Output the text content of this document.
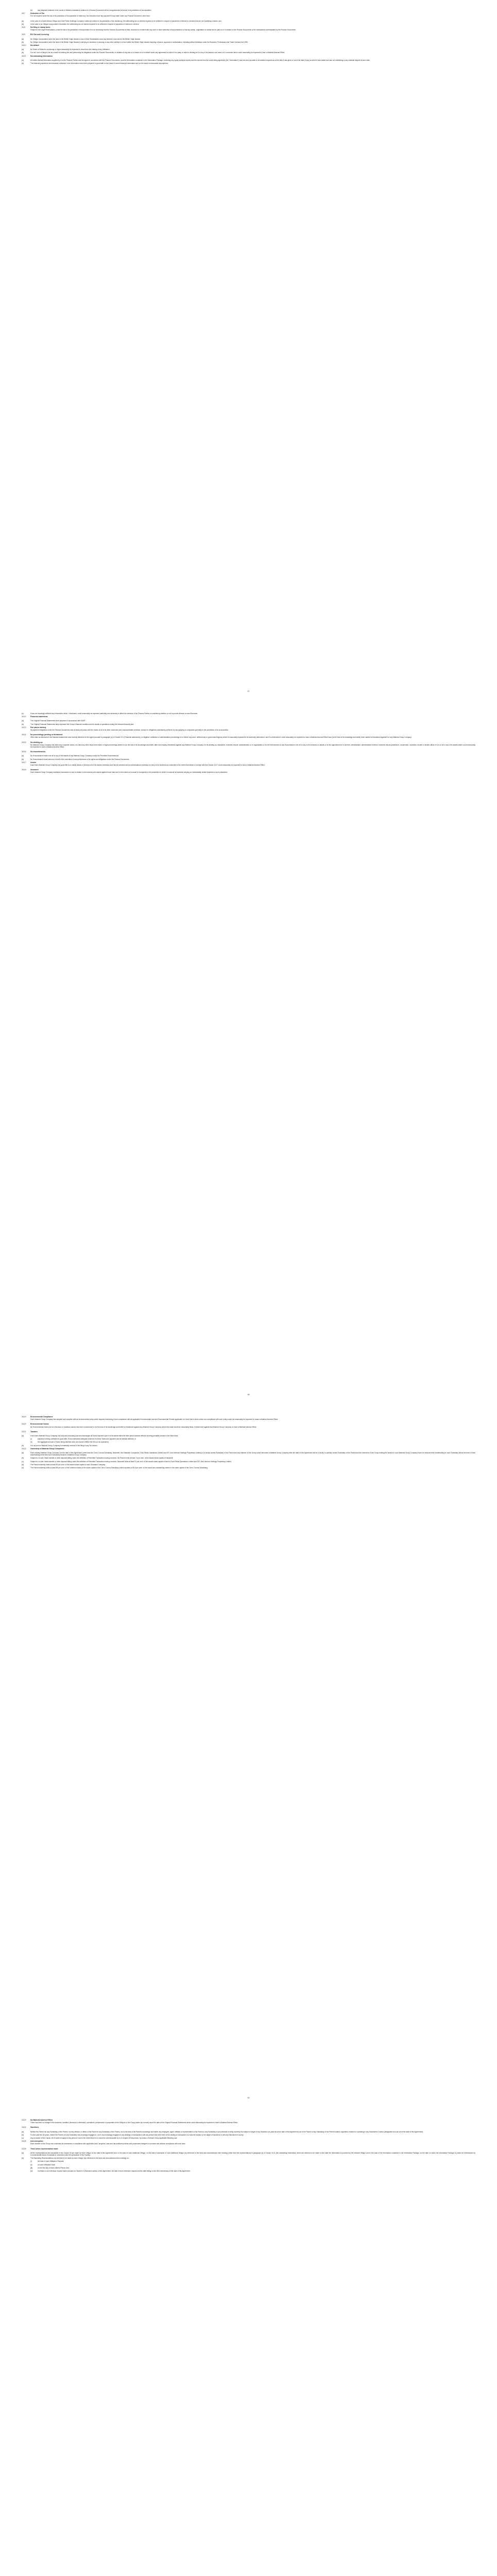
(b)	any judgment obtained in the courts of Western Australia in relation to a Finance Document will be recognised and enforced in its jurisdiction of incorporation.
18.7	Deduction of Tax
It is not required under the law of its jurisdiction of incorporation to make any Tax Deduction from any payment it may make under any Finance Document, other than:
(a)	in the case of a South African Obligor and Gold Fields Holdings Company Limited (in relation to its jurisdiction of tax residency), the withholding tax on interest required to be withheld in respect of payments of interest to Lenders that are not Qualifying Lenders; and
(b)	in the case of an Obligor incorporated in Australia, the withholding tax on interest required to be withheld in respect of payments of interest to Lenders.
18.8	No filing or stamp taxes
Subject to the Legal Reservations, under the law of its jurisdiction of incorporation it is not necessary that the Finance Documents be filed, recorded or enrolled with any court or other authority in that jurisdiction or that any stamp, registration or similar tax be paid on or in relation to the Finance Documents or the transactions contemplated by the Finance Documents.
18.9	BVI Tax and Licencing
(a)	No Obligor incorporated under the laws of the British Virgin Islands or any of their Subsidiaries owns any interest in any land in the British Virgin Islands.
(b)	No Obligor incorporated under the laws of the British Virgin Islands is carrying on business or carrying on any other activity in or from within the British Virgin Islands requiring a licence, approval or authorisation, including without limitation under the Business, Professions and Trade Licenses Act 1990.
18.10	No default
(a)	No Event of Default is continuing or might reasonably be expected to result from the making of any Utilisation.
(b)	It is not, nor is it likely to be as a result of entering into and performing its obligations under the Finance Documents, in violation of any law or in breach of or in default under any agreement to which it is a party or which is binding on it or any of its assets to an extent or in a manner which could reasonably be expected to have a Material Adverse Effect.
18.11	No misleading information
(a)	All written factual information supplied by it to the Finance Parties and the Agent in connection with the Finance Documents, (and the information contained in the Information Package, excluding any equity analysts reports and the reports from the credit rating agencies) (the "Information") was true and accurate in all material respects as at the date it was given or as at the date (if any) at which it was stated and was not misleading in any material respect at such date.
(b)	The financial projections and forecasts contained in the Information have been prepared in good faith on the basis of recent historical information and on the basis of reasonable assumptions.
57
(c)	It has not knowingly withheld any information which, if disclosed, could reasonably be expected materially and adversely to affect the decision of the Finance Parties in considering whether or not to provide finance to each Borrower.
18.12	Financial statements
(a)	The Original Financial Statements were prepared in accordance with GAAP.
(b)	The Original Financial Statements fairly represent the Group's financial condition and its results of operations during the relevant financial year.
18.13	Pari passu ranking
Its payment obligations under the Finance Documents rank at least pari passu with the claims of all of its other unsecured and unsubordinated creditors, except for obligations mandatorily preferred by law applying to companies generally in the jurisdiction of its incorporation.
18.14	No proceedings pending or threatened
Other than as disclosed in the financial statements most recently delivered to the Agent pursuant to paragraph (a) of Clause 19.1 (Financial statements), no litigation, arbitration or administrative proceedings of or before any court, arbitral body or government agency which is reasonably expected to be adversely determined, and if so determined, could reasonably be expected to have a Material Adverse Effect have (to the best of its knowledge and belief) been started or threatened against it or any Material Group Company.
18.15	No winding-up
No Material Group Company has taken any corporate action, nor have any other steps been taken or legal proceedings started or (to the best of its knowledge and belief, after due enquiry) threatened against any Material Group Company, for its winding-up, dissolution, business rescue, administration or re-organisation or for the enforcement of any Encumbrance over all or any of its revenues or assets or for the appointment of a receiver, administrator, administrative receiver, business rescue practitioner, conservator, custodian, trustee or similar officer of it or of all or any of its assets which could reasonably be expected to have a Material Adverse Effect.
18.16	No encumbrances
(a)	No Encumbrance exists over all or any of the assets of any Material Group Company except for Permitted Encumbrances.
(b)	No Encumbrance would arise as a result of the execution of and performance of its rights and obligations under the Finance Documents.
18.17	Assets
It and each Material Group Company has good title to or validly leases or licences all of the assets necessary and has all consents and/or authorisations necessary to carry on its business as conducted to the extent that failure to comply with this Clause 18.17 could reasonably be expected to have a Material Adverse Effect.
18.18	Insurance
Each Material Group Company maintains insurances on and in relation to its business and assets against those risks and to the extent as is usual for companies in the jurisdiction in which it conducts its business carrying on substantially similar business in such jurisdiction.
58
18.19	Environmental Compliance
Each Material Group Company has adopted and complies with an environmental policy which requires monitoring of and compliance with all applicable Environmental Law and Environmental Permits applicable to it from time to time unless non-compliance with such policy could not reasonably be expected to cause a Material Adverse Effect.
18.20	Environmental Claims
No Environmental Claim (not of a frivolous or vexatious nature) has been commenced or (to the best of its knowledge and belief) is threatened against any Material Group Company where that claim would be reasonably likely, if determined against that Material Group Company, to have a Material Adverse Effect.
18.21	Taxation
(a)	It and each Material Group Company has duly and punctually paid and discharged all Taxes imposed upon it or its assets within the time period allowed without incurring penalties except to the extent that:
(i)	payment is being contested in good faith, it has maintained adequate reserves for those Taxes and payment can be lawfully withheld; or
(ii)	the aggregate amount of Taxes being withheld does not exceed US$30,000,000 (or its equivalent).
(b)	It is not and no Material Group Company is materially overdue in the filing of any Tax returns.
18.22	Ownership of Material Group Companies
(a)	Each existing Material Group Company (on the date of this Agreement (other than the Cerro Corona Subsidiary, Newshelf, the Ghanaian Companies, Gold Fields Operations Limited and GFI Joint Venture Holdings Proprietary Limited)) is a wholly-owned Subsidiary of the Parent and any member of the Group which becomes a Material Group Company after the date of this Agreement will be a wholly or partially owned Subsidiary of the Parent and the members of the Group holding the shares in such Material Group Company have not reduced their shareholding in such Subsidiary below the level of their shareholding at the time such Subsidiary became a Material Group Company.
(b)	Subject to no sale, lease transfer or other disposal falling under the definition of Permitted Transaction having occurred, the Parent holds at least 74 per cent. of the issued share capital of Newshelf.
(c)	Subject to no sale, lease transfer or other disposal falling under the definition of Permitted Transaction having occurred, Newshelf holds at least 74 per cent. of the issued share capital of each of Gold Fields Operations Limited and GFI Joint Venture Holdings Proprietary Limited.
(d)	The Parent indirectly holds at least 90 per cent. of the issued share capital of each Ghanaian Company.
(e)	The Parent indirectly holds at least 98 per cent. of the common shares in the share capital of the Cerro Corona Subsidiary (which equates to 98.5 per cent. of the issued and outstanding shares in the share capital of the Cerro Corona Subsidiary).
59
18.23	No Material Adverse Effect
There has been no change in the business, condition (financial or otherwise), operations, performance or properties of the Obligors or the Group (taken as a whole) since the date of the Original Financial Statements which could reasonably be expected to have a Material Adverse Effect.
18.24	Sanctions
(a)	Neither the Parent nor any Subsidiary of the Parent, nor any director or officer of the Parent or any Subsidiary of the Parent, nor to the best of the Parent's knowledge and belief, any employee, agent, affiliate or representative of the Parent or any Subsidiary is an individual or entity currently the subject or target of any Sanctions (in place as at the date of this Agreement) nor is the Parent or any Subsidiary of the Parent located, organised, resident or operating in any Sanctioned Country (designated as such as at the date of this Agreement).
(b)	For the past five (5) years, neither the Parent nor any Subsidiary has knowingly engaged in, nor is now knowingly engaged in any dealings or transactions with any person that at the time of the dealing or transaction is or was the subject or the target of Sanctions or with any Sanctioned Country.
(c)	Any provision of this Clause 18.24 shall not apply to any person if and to the extent that it is or would be unenforceable by or in respect of that person, by reason of breach of any applicable Blocking Law.
18.25	Anti-corruption
Each member of the Group has conducted its businesses in compliance with applicable Anti-Corruption Laws and has instituted policies and procedures designed to promote and achieve compliance with such laws.
18.26	Times when representation made
(a)	All the representations and warranties in this Clause 18 are made by each Obligor on the date of this Agreement and, in the case of each Additional Obligor, on the date of accession of such Additional Obligor (by reference to the facts and circumstances then existing) (other than the representations in paragraph (a) of Clause 18.11 (No misleading information) which are deemed to be made on the date the Information is provided by the relevant Obligor and in the case of the information contained in the Information Package, on the date on which the Information Package is posted on Debtdomain by Commonwealth Bank of Australia in connection with the syndication of the Facility).
(b)	The Repeating Representations are deemed to be made by each Obligor (by reference to the facts and circumstances then existing) on:
(i)	the date of each Utilisation Request;
(ii)	on each Utilisation Date;
(iii)	on the first day of each Interest Period; and
(iv)	in relation to an extension request made pursuant to Clause 6.2 (Extension option) of this Agreement, the date of such extension request and the date falling on the third anniversary of the date of this Agreement.
